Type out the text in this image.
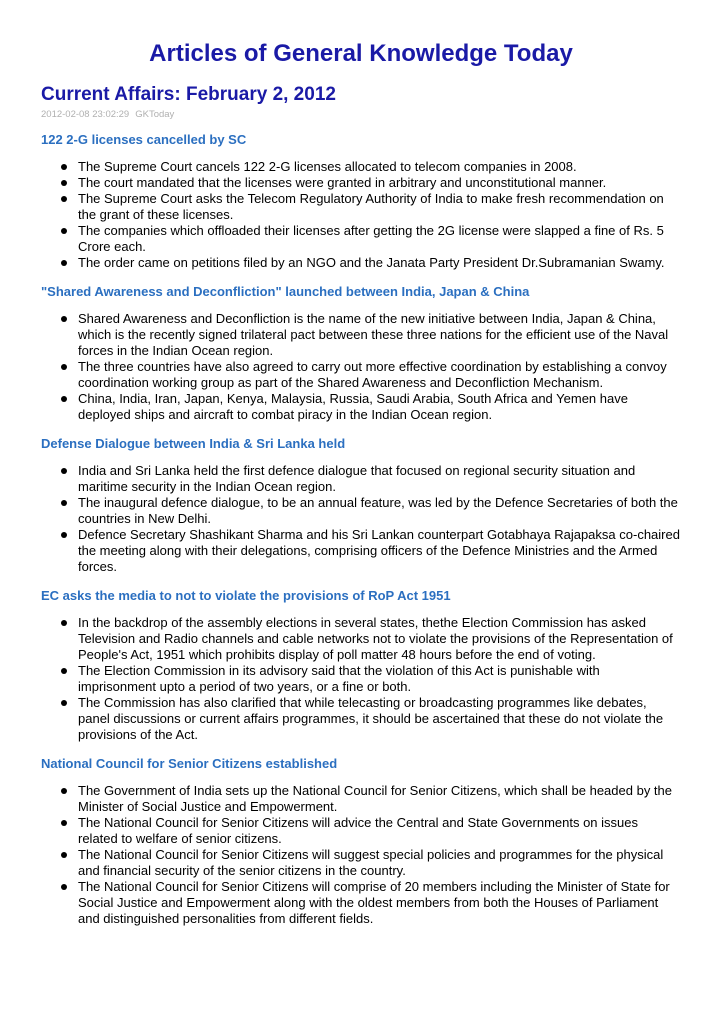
Articles of General Knowledge Today
Current Affairs: February 2, 2012
2012-02-08 23:02:29 GKToday
122 2-G licenses cancelled by SC
The Supreme Court cancels 122 2-G licenses allocated to telecom companies in 2008.
The court mandated that the licenses were granted in arbitrary and unconstitutional manner.
The Supreme Court asks the Telecom Regulatory Authority of India to make fresh recommendation on the grant of these licenses.
The companies which offloaded their licenses after getting the 2G license were slapped a fine of Rs. 5 Crore each.
The order came on petitions filed by an NGO and the Janata Party President Dr.Subramanian Swamy.
"Shared Awareness and Deconfliction" launched between India, Japan & China
Shared Awareness and Deconfliction is the name of the new initiative between India, Japan & China, which is the recently signed trilateral pact between these three nations for the efficient use of the Naval forces in the Indian Ocean region.
The three countries have also agreed to carry out more effective coordination by establishing a convoy coordination working group as part of the Shared Awareness and Deconfliction Mechanism.
China, India, Iran, Japan, Kenya, Malaysia, Russia, Saudi Arabia, South Africa and Yemen have deployed ships and aircraft to combat piracy in the Indian Ocean region.
Defense Dialogue between India & Sri Lanka held
India and Sri Lanka held the first defence dialogue that focused on regional security situation and maritime security in the Indian Ocean region.
The inaugural defence dialogue, to be an annual feature, was led by the Defence Secretaries of both the countries in New Delhi.
Defence Secretary Shashikant Sharma and his Sri Lankan counterpart Gotabhaya Rajapaksa co-chaired the meeting along with their delegations, comprising officers of the Defence Ministries and the Armed forces.
EC asks the media to not to violate the provisions of RoP Act 1951
In the backdrop of the assembly elections in several states, thethe Election Commission has asked Television and Radio channels and cable networks not to violate the provisions of the Representation of People's Act, 1951 which prohibits display of poll matter 48 hours before the end of voting.
The Election Commission in its advisory said that the violation of this Act is punishable with imprisonment upto a period of two years, or a fine or both.
The Commission has also clarified that while telecasting or broadcasting programmes like debates, panel discussions or current affairs programmes, it should be ascertained that these do not violate the provisions of the Act.
National Council for Senior Citizens established
The Government of India sets up the National Council for Senior Citizens, which shall be headed by the Minister of Social Justice and Empowerment.
The National Council for Senior Citizens will advice the Central and State Governments on issues related to welfare of senior citizens.
The National Council for Senior Citizens will suggest special policies and programmes for the physical and financial security of the senior citizens in the country.
The National Council for Senior Citizens will comprise of 20 members including the Minister of State for Social Justice and Empowerment along with the oldest members from both the Houses of Parliament and distinguished personalities from different fields.
